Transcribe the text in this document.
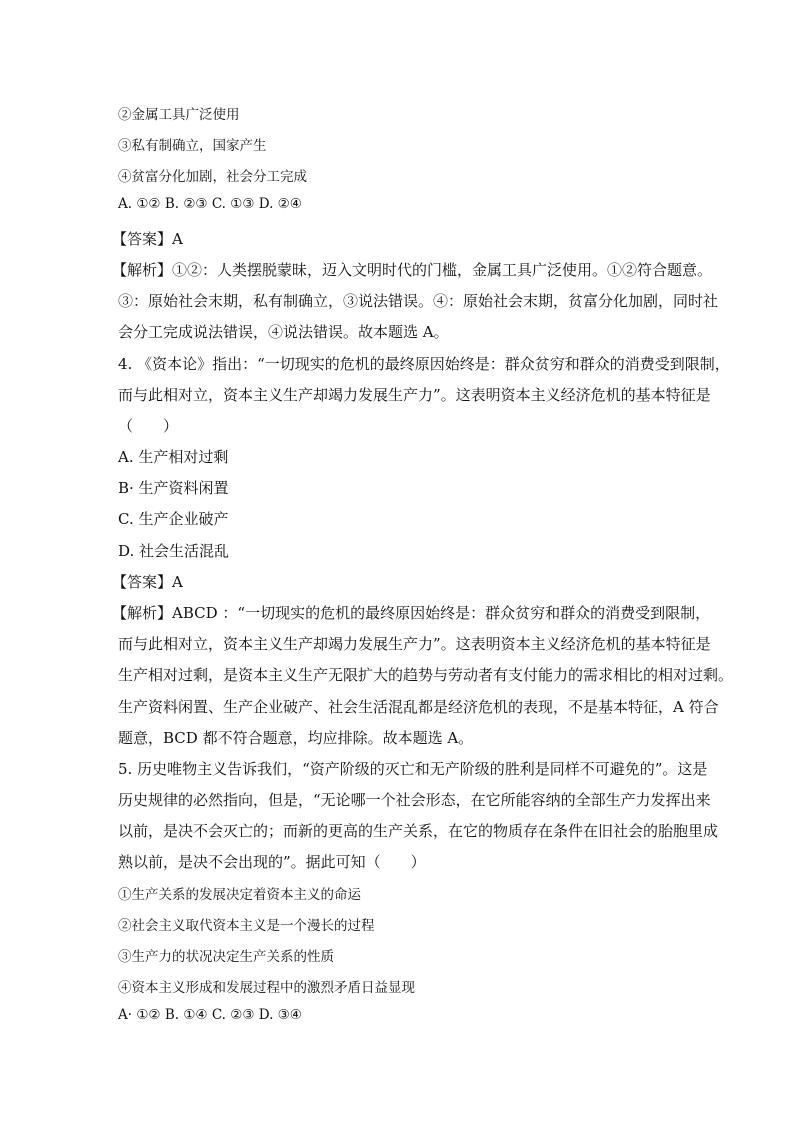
②金属工具广泛使用
③私有制确立，国家产生
④贫富分化加剧，社会分工完成
A. ①② B. ②③ C. ①③ D. ②④
【答案】A
【解析】①②：人类摆脱蒙昧，迈入文明时代的门槛，金属工具广泛使用。①②符合题意。
③：原始社会末期，私有制确立，③说法错误。④：原始社会末期，贫富分化加剧，同时社
会分工完成说法错误，④说法错误。故本题选 A。
4. 《资本论》指出：“一切现实的危机的最终原因始终是：群众贫穷和群众的消费受到限制，
而与此相对立，资本主义生产却竭力发展生产力”。这表明资本主义经济危机的基本特征是
（　　）
A. 生产相对过剩
B· 生产资料闲置
C. 生产企业破产
D. 社会生活混乱
【答案】A
【解析】ABCD ：“一切现实的危机的最终原因始终是：群众贫穷和群众的消费受到限制，
而与此相对立，资本主义生产却竭力发展生产力”。这表明资本主义经济危机的基本特征是
生产相对过剩，是资本主义生产无限扩大的趋势与劳动者有支付能力的需求相比的相对过剩。
生产资料闲置、生产企业破产、社会生活混乱都是经济危机的表现，不是基本特征，A 符合
题意，BCD 都不符合题意，均应排除。故本题选 A。
5. 历史唯物主义告诉我们，“资产阶级的灭亡和无产阶级的胜利是同样不可避免的”。这是
历史规律的必然指向，但是，“无论哪一个社会形态，在它所能容纳的全部生产力发挥出来
以前，是决不会灭亡的；而新的更高的生产关系，在它的物质存在条件在旧社会的胎胞里成
熟以前，是决不会出现的”。据此可知（　　）
①生产关系的发展决定着资本主义的命运
②社会主义取代资本主义是一个漫长的过程
③生产力的状况决定生产关系的性质
④资本主义形成和发展过程中的激烈矛盾日益显现
A· ①② B. ①④ C. ②③ D. ③④
